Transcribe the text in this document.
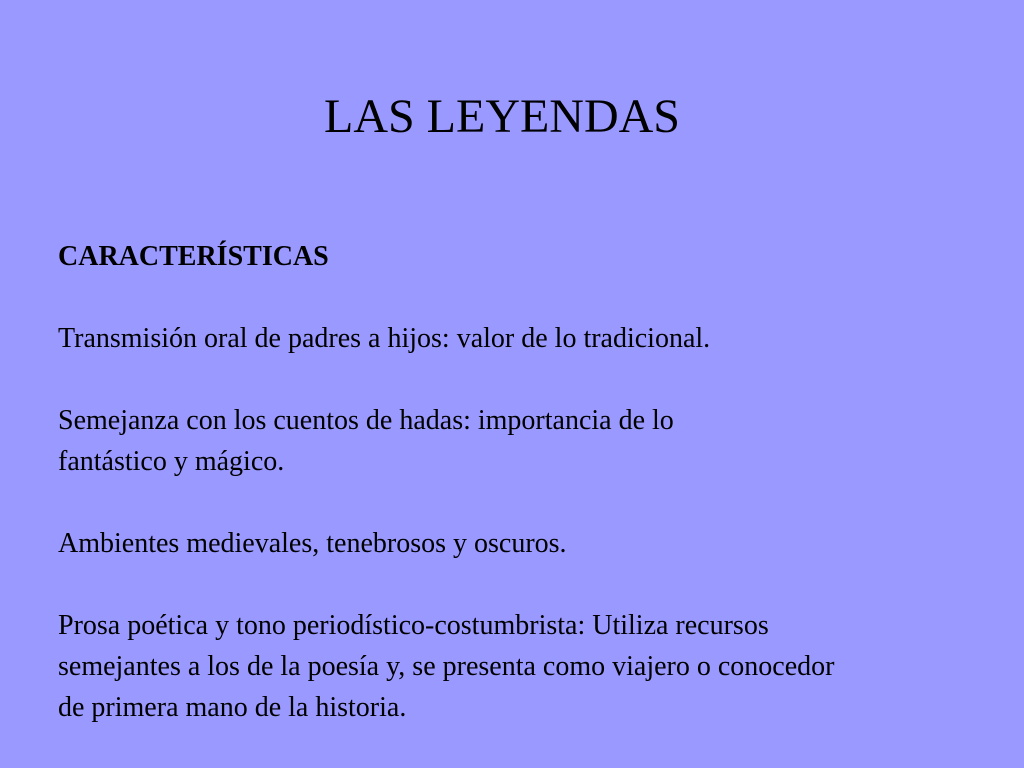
LAS LEYENDAS

CARACTERÍSTICAS

Transmisión oral de padres a hijos: valor de lo tradicional.

Semejanza con los cuentos de hadas: importancia de lo
fantástico y mágico.

Ambientes medievales, tenebrosos y oscuros.

Prosa poética y tono periodístico-costumbrista: Utiliza recursos
semejantes a los de la poesía y, se presenta como viajero o conocedor
de primera mano de la historia.
